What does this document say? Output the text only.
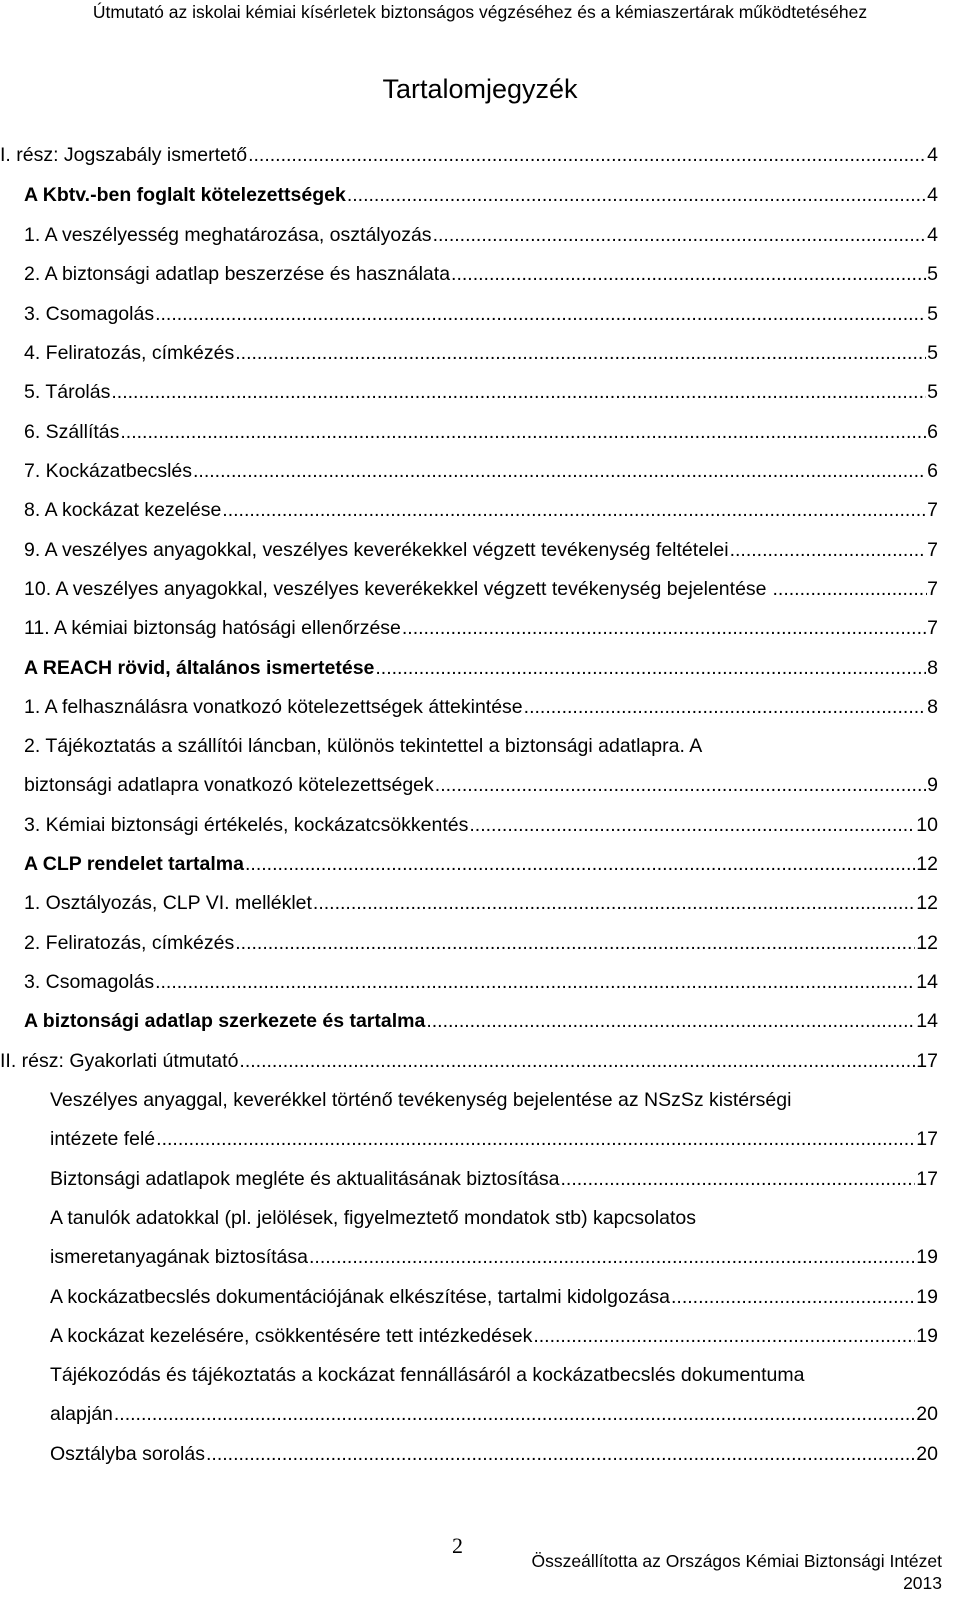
Útmutató az iskolai kémiai kísérletek biztonságos végzéséhez és a kémiaszertárak működtetéséhez
Tartalomjegyzék
I. rész: Jogszabály ismertető .....	4
A Kbtv.-ben foglalt kötelezettségek .....	4
1. A veszélyesség meghatározása, osztályozás .....	4
2. A biztonsági adatlap beszerzése és használata .....	5
3. Csomagolás .....	5
4. Feliratozás, címkézés .....	5
5. Tárolás .....	5
6. Szállítás .....	6
7. Kockázatbecslés .....	6
8. A kockázat kezelése .....	7
9. A veszélyes anyagokkal, veszélyes keverékekkel végzett tevékenység feltételei .....	7
10. A veszélyes anyagokkal, veszélyes keverékekkel végzett tevékenység bejelentése .....	7
11. A kémiai biztonság hatósági ellenőrzése .....	7
A REACH rövid, általános ismertetése .....	8
1. A felhasználásra vonatkozó kötelezettségek áttekintése .....	8
2. Tájékoztatás a szállítói láncban, különös tekintettel a biztonsági adatlapra. A
biztonsági adatlapra vonatkozó kötelezettségek .....	9
3. Kémiai biztonsági értékelés, kockázatcsökkentés .....	10
A CLP rendelet tartalma .....	12
1. Osztályozás, CLP VI. melléklet .....	12
2. Feliratozás, címkézés .....	12
3. Csomagolás .....	14
A biztonsági adatlap szerkezete és tartalma .....	14
II. rész: Gyakorlati útmutató .....	17
Veszélyes anyaggal, keverékkel történő tevékenység bejelentése az NSzSz kistérségi
intézete felé .....	17
Biztonsági adatlapok megléte és aktualitásának biztosítása .....	17
A tanulók adatokkal (pl. jelölések, figyelmeztető mondatok stb) kapcsolatos
ismeretanyagának biztosítása .....	19
A kockázatbecslés dokumentációjának elkészítése, tartalmi kidolgozása .....	19
A kockázat kezelésére, csökkentésére tett intézkedések .....	19
Tájékozódás és tájékoztatás a kockázat fennállásáról a kockázatbecslés dokumentuma
alapján .....	20
Osztályba sorolás .....	20
2
Összeállította az Országos Kémiai Biztonsági Intézet
2013
